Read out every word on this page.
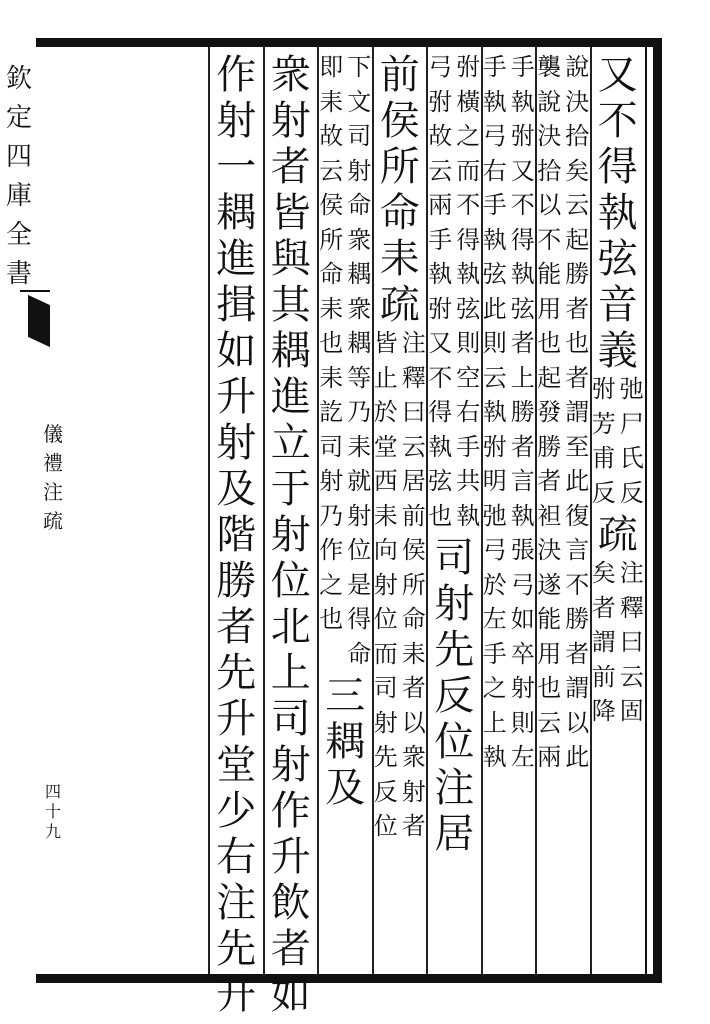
欽定四庫全書
儀禮注疏
四十九
又
不
得
執
弦
音
義
弛
尸
氏
反
弣
芳
甫
反
疏
注
釋
曰
云
固
矣
者
謂
前
降
說
決
拾
矣
云
起
勝
者
也
者
謂
至
此
復
言
不
勝
者
謂
以
此
襲
說
決
拾
以
不
能
用
也
起
發
勝
者
袒
決
遂
能
用
也
云
兩
手
執
弣
又
不
得
執
弦
者
上
勝
者
言
執
張
弓
如
卒
射
則
左
手
執
弓
右
手
執
弦
此
則
云
執
弣
明
弛
弓
於
左
手
之
上
執
弣
橫
之
而
不
得
執
弦
則
空
右
手
共
執
弓
弣
故
云
兩
手
執
弣
又
不
得
執
弦
也
司
射
先
反
位
注
居
前
侯
所
命
耒
疏
注
釋
曰
云
居
前
侯
所
命
耒
者
以
衆
射
者
皆
止
於
堂
西
耒
向
射
位
而
司
射
先
反
位
下
文
司
射
命
衆
耦
衆
耦
等
乃
耒
就
射
位
是
得
命
即
耒
故
云
侯
所
命
耒
也
耒
訖
司
射
乃
作
之
也
三
耦
及
衆
射
者
皆
與
其
耦
進
立
于
射
位
北
上
司
射
作
升
飲
者
如
作
射
一
耦
進
揖
如
升
射
及
階
勝
者
先
升
堂
少
右
注
先
升
